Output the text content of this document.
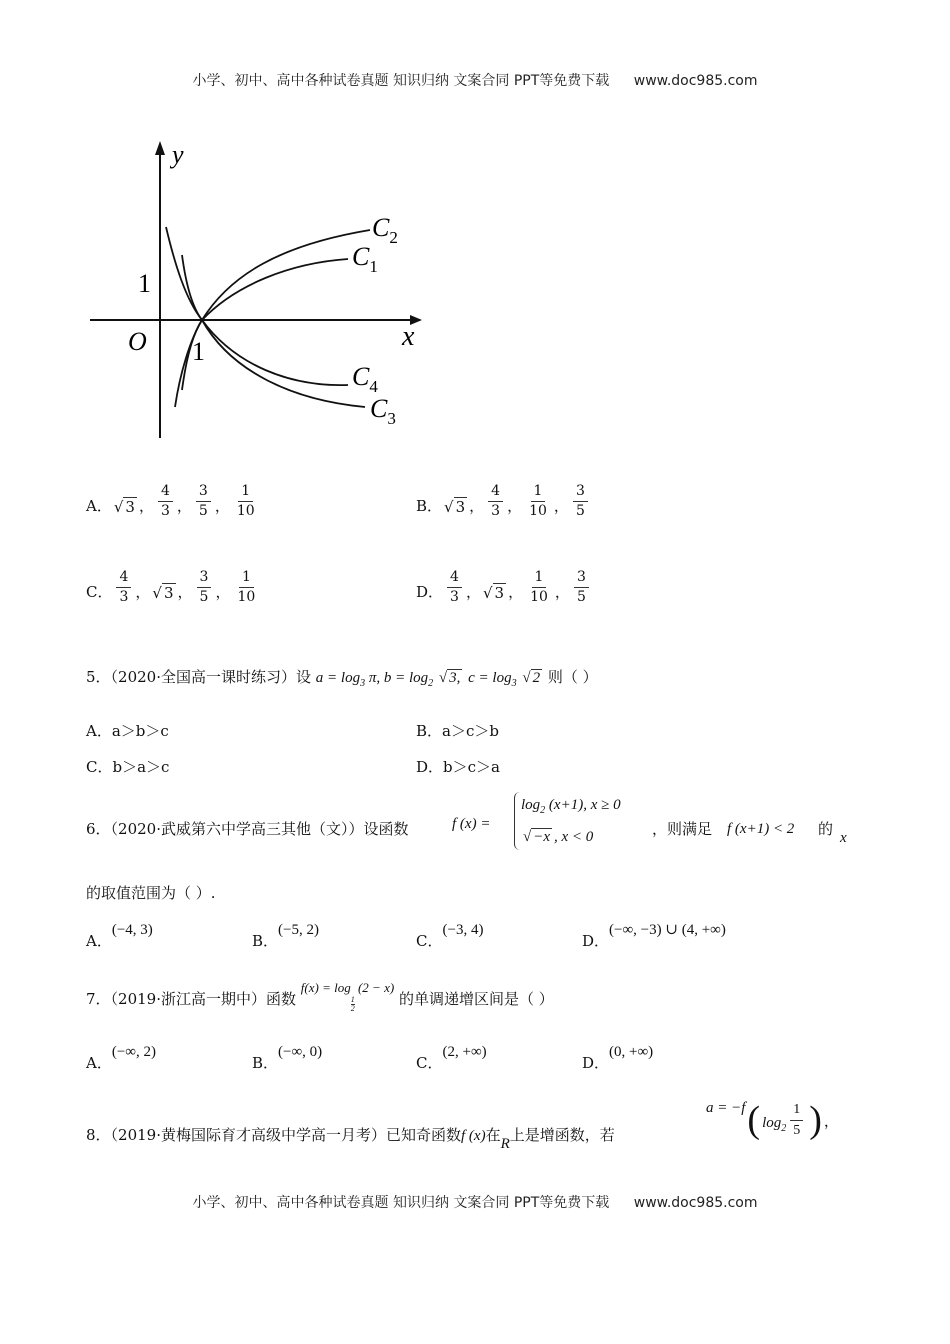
小学、初中、高中各种试卷真题 知识归纳 文案合同 PPT等免费下载 www.doc985.com
y
x
O
1
1
$C_2$
$C_1$
$C_4$
$C_3$
A． √ 3 ， $\frac{4}{3}$ ， $\frac{3}{5}$ ， $\frac{1}{10}$	B． √ 3 ， $\frac{4}{3}$ ， $\frac{1}{10}$ ， $\frac{3}{5}$
C． $\frac{4}{3}$ ， √ 3 ， $\frac{3}{5}$ ， $\frac{1}{10}$	D． $\frac{4}{3}$ ， √ 3 ， $\frac{1}{10}$ ， $\frac{3}{5}$
5．（2020·全国高一课时练习）设 $a = \log_3 \pi$, $b = \log_2$ √ 3, $c = \log_3$ √ 2 则（ ）
A．a＞b＞c	B．a＞c＞b
C．b＞a＞c	D．b＞c＞a
6．（2020·武威第六中学高三其他（文））设函数	f (x) =
$\log_2 (x+1)$, x ≥ 0
√ −x , x < 0	，则满足 f (x+1) < 2 的 x
的取值范围为（ ）.
A．(−4, 3)
B．(−5, 2)
C．(−3, 4)
D．(−∞, −3) ∪ (4, +∞)
7．（2019·浙江高一期中）函数 f(x) = log
$\frac{1}{2}$
(2 − x) 的单调递增区间是（ ）
A．(−∞, 2)
B．(−∞, 0)
C．(2, +∞)
D．(0, +∞)
8．（2019·黄梅国际育才高级中学高一月考）已知奇函数f (x)在R上是增函数，若
a = −f ( $\log_2 \frac{1}{5}$ ) ，
小学、初中、高中各种试卷真题 知识归纳 文案合同 PPT等免费下载 www.doc985.com
